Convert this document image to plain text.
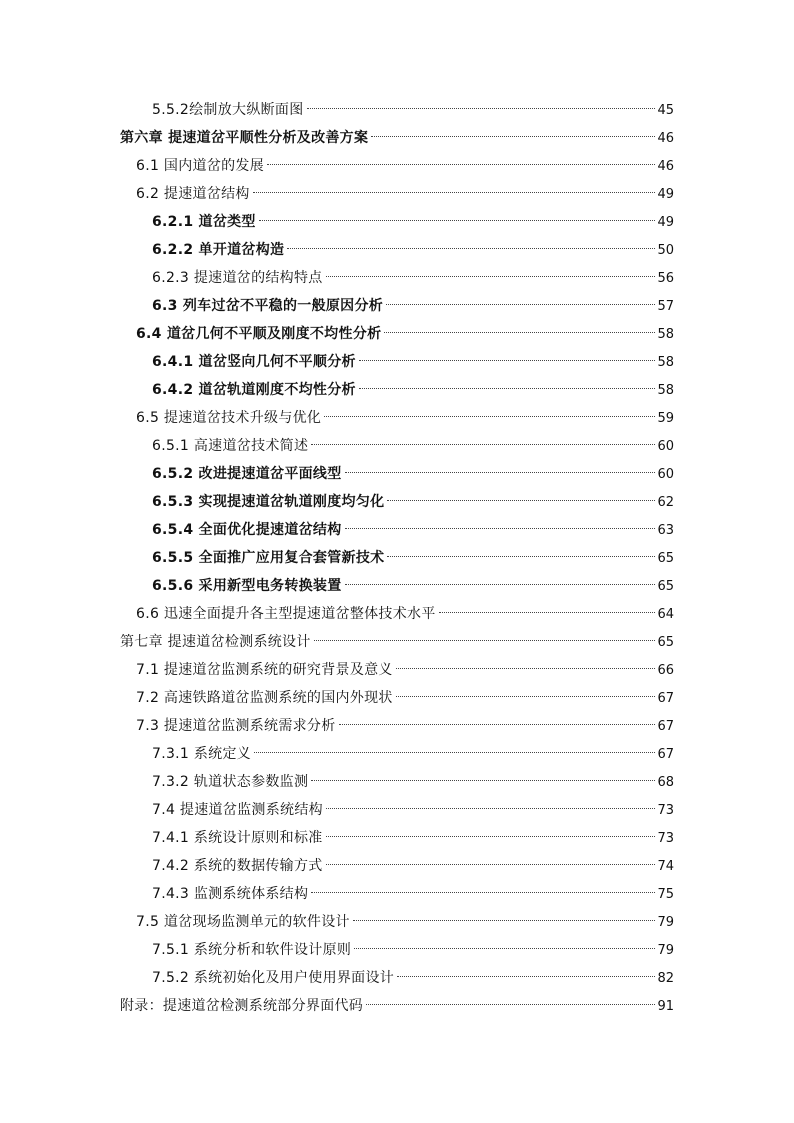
5.5.2绘制放大纵断面图	45
第六章 提速道岔平顺性分析及改善方案	46
6.1 国内道岔的发展	46
6.2 提速道岔结构	49
6.2.1 道岔类型	49
6.2.2 单开道岔构造	50
6.2.3 提速道岔的结构特点	56
6.3 列车过岔不平稳的一般原因分析	57
6.4 道岔几何不平顺及刚度不均性分析	58
6.4.1 道岔竖向几何不平顺分析	58
6.4.2 道岔轨道刚度不均性分析	58
6.5 提速道岔技术升级与优化	59
6.5.1 高速道岔技术简述	60
6.5.2 改进提速道岔平面线型	60
6.5.3 实现提速道岔轨道刚度均匀化	62
6.5.4 全面优化提速道岔结构	63
6.5.5 全面推广应用复合套管新技术	65
6.5.6 采用新型电务转换装置	65
6.6 迅速全面提升各主型提速道岔整体技术水平	64
第七章 提速道岔检测系统设计	65
7.1 提速道岔监测系统的研究背景及意义	66
7.2 高速铁路道岔监测系统的国内外现状	67
7.3 提速道岔监测系统需求分析	67
7.3.1 系统定义	67
7.3.2 轨道状态参数监测	68
7.4 提速道岔监测系统结构	73
7.4.1 系统设计原则和标准	73
7.4.2 系统的数据传输方式	74
7.4.3 监测系统体系结构	75
7.5 道岔现场监测单元的软件设计	79
7.5.1 系统分析和软件设计原则	79
7.5.2 系统初始化及用户使用界面设计	82
附录：提速道岔检测系统部分界面代码	91
